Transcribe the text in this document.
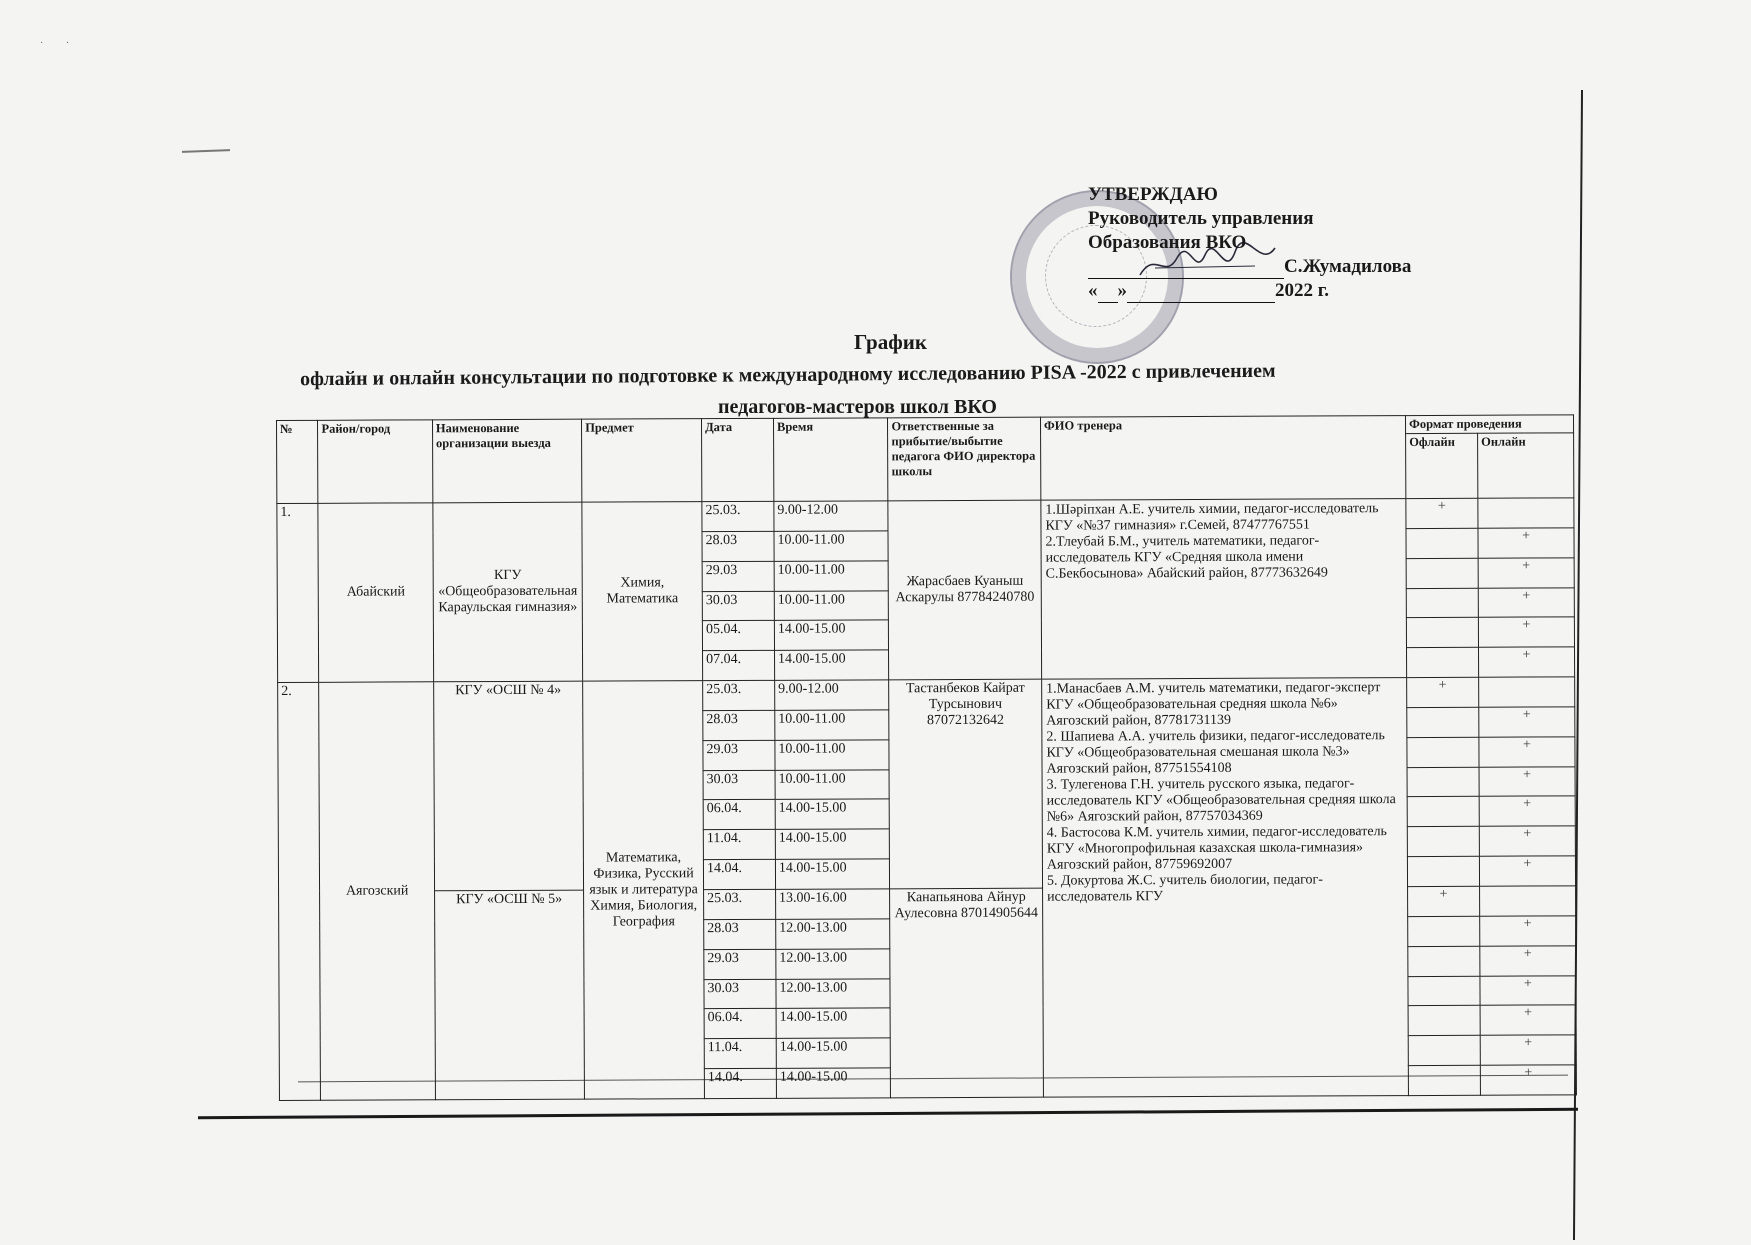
·         ·
УТВЕРЖДАЮ
Руководитель управления
Образования ВКО
С.Жумадилова
« »	2022 г.
График
офлайн и онлайн консультации по подготовке к международному исследованию PISA -2022 с привлечением
педагогов-мастеров школ ВКО
№	Район/город	Наименование организации выезда	Предмет	Дата	Время	Ответственные за прибытие/выбытие педагога ФИО директора школы	ФИО тренера	Формат проведения	
								Офлайн	Онлайн
1.	Абайский	КГУ «Общеобразовательная Караульская гимназия»	Химия, Математика	25.03.	9.00-12.00	Жарасбаев Куаныш Аскарулы 87784240780	1.Шәріпхан А.Е. учитель химии, педагог-исследователь КГУ «№37 гимназия» г.Семей, 87477767551
2.Тлеубай Б.М., учитель математики, педагог-исследователь КГУ «Средняя школа имени С.Бекбосынова» Абайский район, 87773632649	+	
				28.03	10.00-11.00				+
				29.03	10.00-11.00				+
				30.03	10.00-11.00				+
				05.04.	14.00-15.00				+
				07.04.	14.00-15.00				+
2.	Аягозский	КГУ «ОСШ № 4»	Математика, Физика, Русский язык и литература Химия, Биология, География	25.03.	9.00-12.00	Тастанбеков Кайрат Турсынович 87072132642	1.Манасбаев А.М. учитель математики, педагог-эксперт КГУ «Общеобразовательная средняя школа №6» Аягозский район, 87781731139
2. Шапиева А.А. учитель физики, педагог-исследователь КГУ «Общеобразовательная смешаная школа №3» Аягозский район, 87751554108
3. Тулегенова Г.Н. учитель русского языка, педагог-исследователь КГУ «Общеобразовательная средняя школа №6» Аягозский район, 87757034369
4. Бастосова К.М. учитель химии, педагог-исследователь КГУ «Многопрофильная казахская школа-гимназия» Аягозский район, 87759692007
5. Докуртова Ж.С. учитель биологии, педагог-исследователь КГУ	+	
				28.03	10.00-11.00				+
				29.03	10.00-11.00				+
				30.03	10.00-11.00				+
				06.04.	14.00-15.00				+
				11.04.	14.00-15.00				+
				14.04.	14.00-15.00				+
		КГУ «ОСШ № 5»		25.03.	13.00-16.00	Канапьянова Айнур Аулесовна 87014905644		+	
				28.03	12.00-13.00				+
				29.03	12.00-13.00				+
				30.03	12.00-13.00				+
				06.04.	14.00-15.00				+
				11.04.	14.00-15.00				+
				14.04.	14.00-15.00				+
